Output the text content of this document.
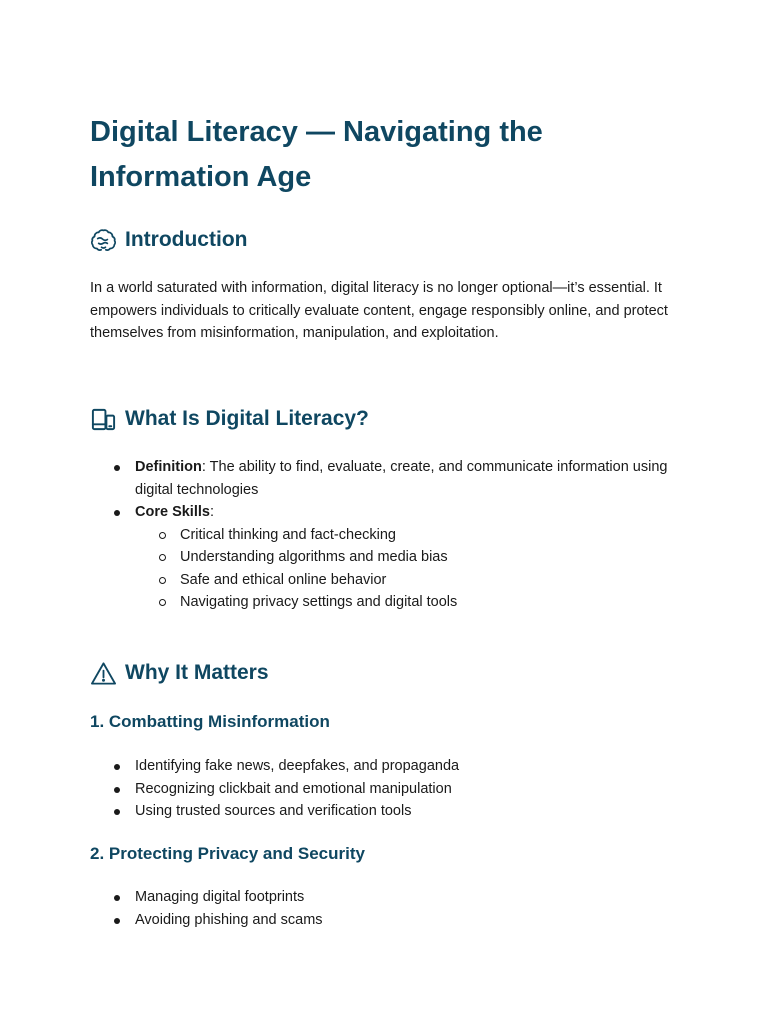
Digital Literacy — Navigating the Information Age
Introduction

In a world saturated with information, digital literacy is no longer optional—it’s essential. It empowers individuals to critically evaluate content, engage responsibly online, and protect themselves from misinformation, manipulation, and exploitation.

What Is Digital Literacy?
Definition: The ability to find, evaluate, create, and communicate information using digital technologies
Core Skills:
Critical thinking and fact-checking
Understanding algorithms and media bias
Safe and ethical online behavior
Navigating privacy settings and digital tools
Why It Matters
1. Combatting Misinformation
Identifying fake news, deepfakes, and propaganda
Recognizing clickbait and emotional manipulation
Using trusted sources and verification tools
2. Protecting Privacy and Security
Managing digital footprints
Avoiding phishing and scams
